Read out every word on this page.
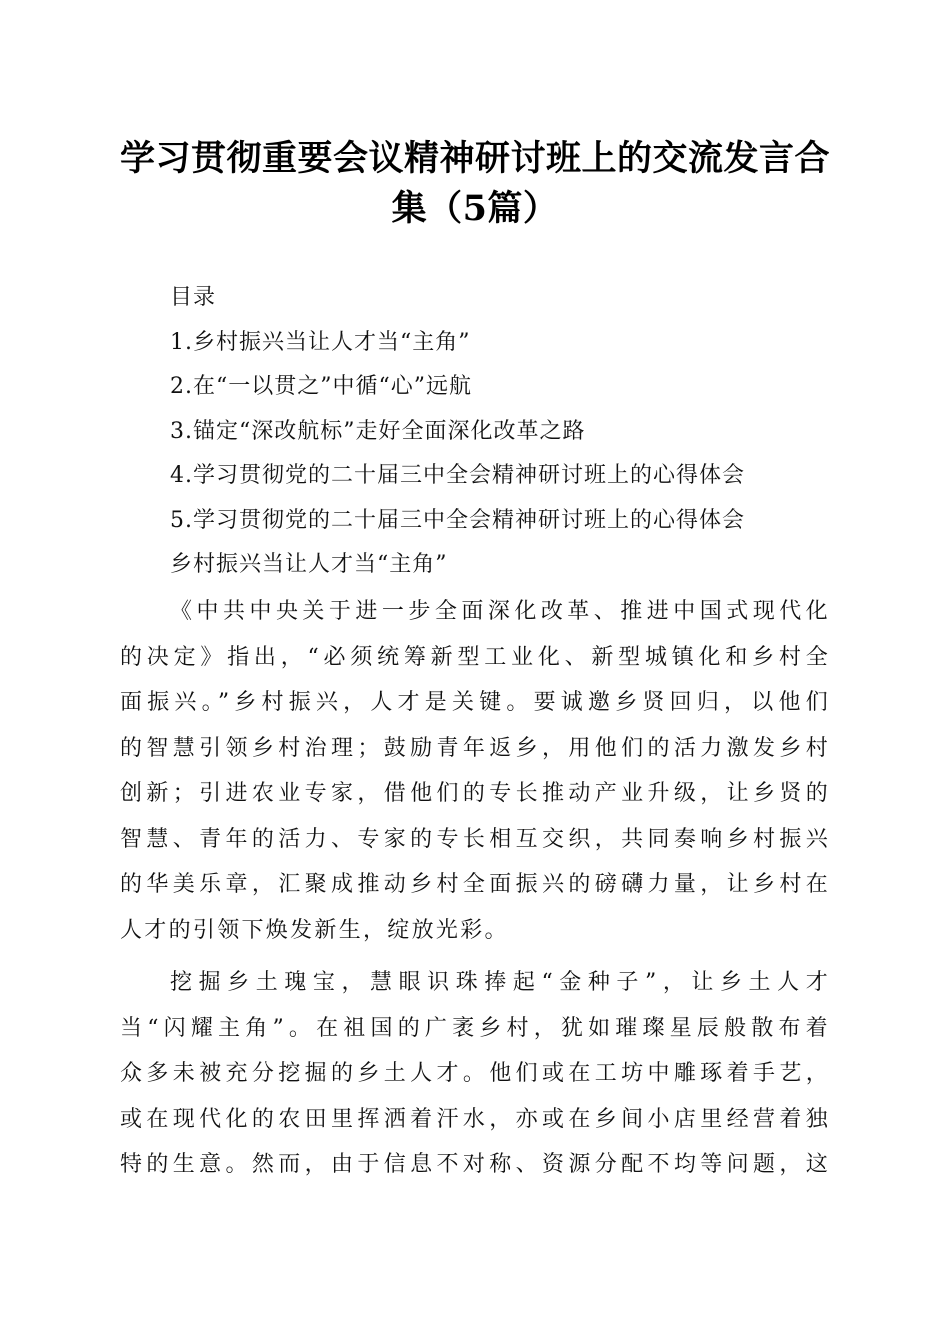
学习贯彻重要会议精神研讨班上的交流发言合
集（5篇）
目录
1.乡村振兴当让人才当“主角”
2.在“一以贯之”中循“心”远航
3.锚定“深改航标”走好全面深化改革之路
4.学习贯彻党的二十届三中全会精神研讨班上的心得体会
5.学习贯彻党的二十届三中全会精神研讨班上的心得体会
乡村振兴当让人才当“主角”
《中共中央关于进一步全面深化改革、推进中国式现代化
的决定》指出，“必须统筹新型工业化、新型城镇化和乡村全
面振兴。”乡村振兴，人才是关键。要诚邀乡贤回归，以他们
的智慧引领乡村治理；鼓励青年返乡，用他们的活力激发乡村
创新；引进农业专家，借他们的专长推动产业升级，让乡贤的
智慧、青年的活力、专家的专长相互交织，共同奏响乡村振兴
的华美乐章，汇聚成推动乡村全面振兴的磅礴力量，让乡村在
人才的引领下焕发新生，绽放光彩。
挖掘乡土瑰宝，慧眼识珠捧起“金种子”，让乡土人才
当“闪耀主角”。在祖国的广袤乡村，犹如璀璨星辰般散布着
众多未被充分挖掘的乡土人才。他们或在工坊中雕琢着手艺，
或在现代化的农田里挥洒着汗水，亦或在乡间小店里经营着独
特的生意。然而，由于信息不对称、资源分配不均等问题，这
